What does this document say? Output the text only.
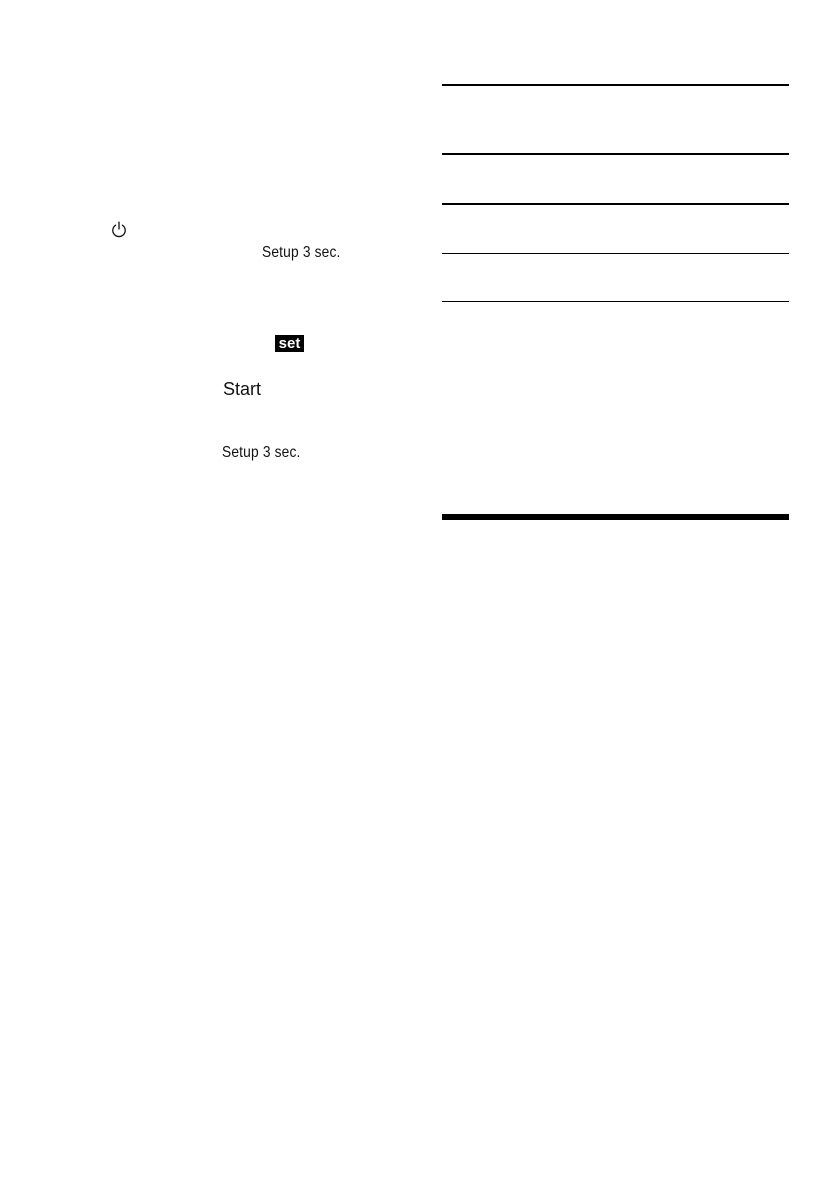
Setup 3 sec.
set
Start
Setup 3 sec.
